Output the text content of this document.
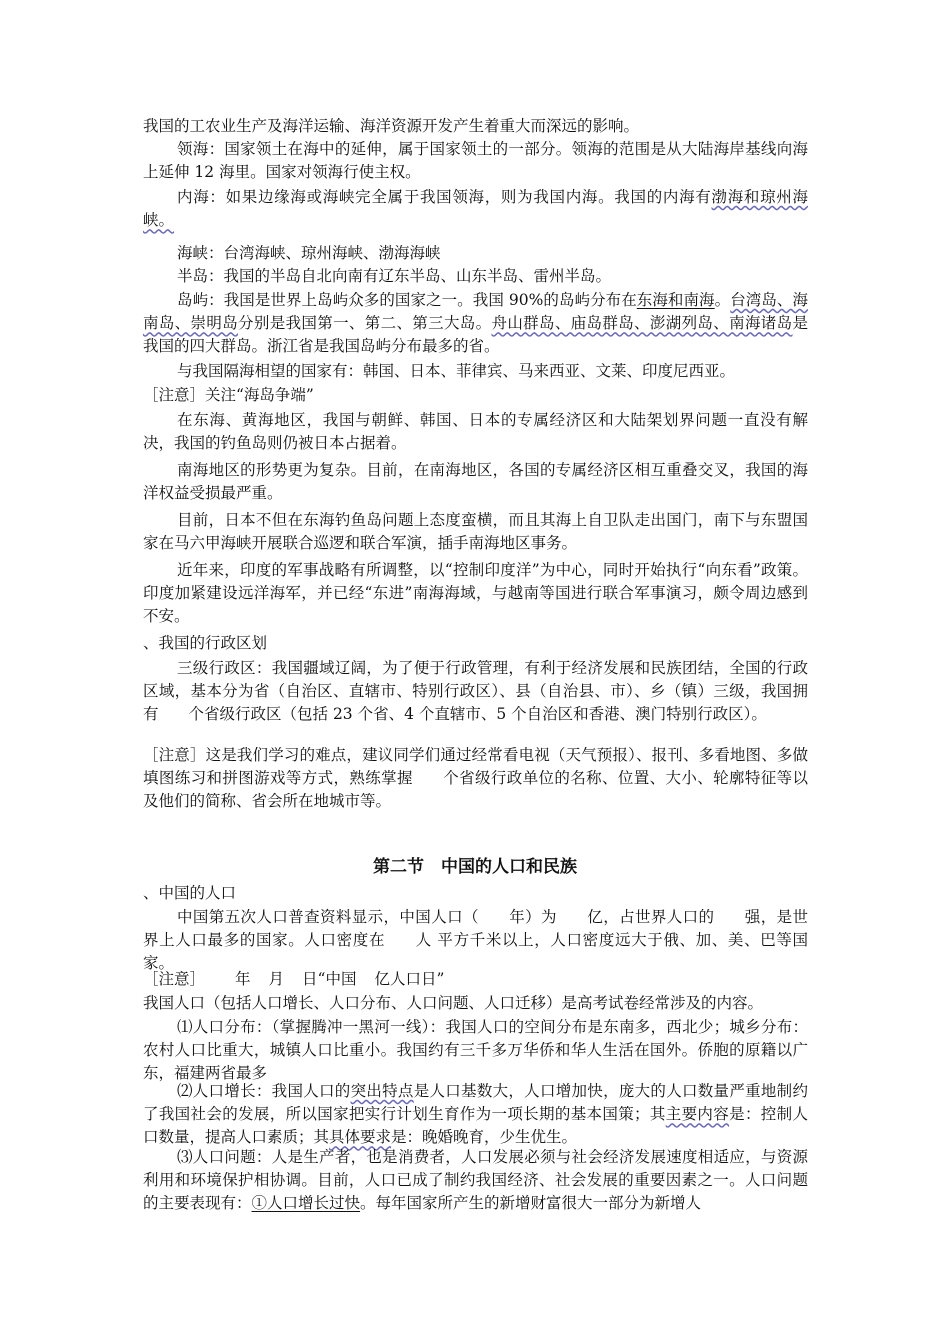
我国的工农业生产及海洋运输、海洋资源开发产生着重大而深远的影响。

领海：国家领土在海中的延伸，属于国家领土的一部分。领海的范围是从大陆海岸基线向海上延伸 12 海里。国家对领海行使主权。

内海：如果边缘海或海峡完全属于我国领海，则为我国内海。我国的内海有渤海和琼州海峡。

海峡：台湾海峡、琼州海峡、渤海海峡

半岛：我国的半岛自北向南有辽东半岛、山东半岛、雷州半岛。

岛屿：我国是世界上岛屿众多的国家之一。我国 90%的岛屿分布在东海和南海。台湾岛、海南岛、崇明岛分别是我国第一、第二、第三大岛。舟山群岛、庙岛群岛、澎湖列岛、南海诸岛是我国的四大群岛。浙江省是我国岛屿分布最多的省。

与我国隔海相望的国家有：韩国、日本、菲律宾、马来西亚、文莱、印度尼西亚。

［注意］关注“海岛争端”

在东海、黄海地区，我国与朝鲜、韩国、日本的专属经济区和大陆架划界问题一直没有解决，我国的钓鱼岛则仍被日本占据着。

南海地区的形势更为复杂。目前，在南海地区，各国的专属经济区相互重叠交叉，我国的海洋权益受损最严重。

目前，日本不但在东海钓鱼岛问题上态度蛮横，而且其海上自卫队走出国门，南下与东盟国家在马六甲海峡开展联合巡逻和联合军演，插手南海地区事务。

近年来，印度的军事战略有所调整，以“控制印度洋”为中心，同时开始执行“向东看”政策。印度加紧建设远洋海军，并已经“东进”南海海域，与越南等国进行联合军事演习，颇令周边感到不安。

、我国的行政区划

三级行政区：我国疆域辽阔，为了便于行政管理，有利于经济发展和民族团结，全国的行政区域，基本分为省（自治区、直辖市、特别行政区）、县（自治县、市）、乡（镇）三级，我国拥有 个省级行政区（包括 23 个省、4 个直辖市、5 个自治区和香港、澳门特别行政区）。

［注意］这是我们学习的难点，建议同学们通过经常看电视（天气预报）、报刊、多看地图、多做填图练习和拼图游戏等方式，熟练掌握 个省级行政单位的名称、位置、大小、轮廓特征等以及他们的简称、省会所在地城市等。

第二节　中国的人口和民族

、中国的人口

中国第五次人口普查资料显示，中国人口（ 年）为 亿，占世界人口的 强，是世界上人口最多的国家。人口密度在 人 平方千米以上，人口密度远大于俄、加、美、巴等国家。

［注意］ 年 月 日“中国 亿人口日”

我国人口（包括人口增长、人口分布、人口问题、人口迁移）是高考试卷经常涉及的内容。

⑴人口分布：（掌握腾冲一黑河一线）：我国人口的空间分布是东南多，西北少；城乡分布：农村人口比重大，城镇人口比重小。我国约有三千多万华侨和华人生活在国外。侨胞的原籍以广东，福建两省最多

⑵人口增长：我国人口的突出特点是人口基数大，人口增加快，庞大的人口数量严重地制约了我国社会的发展，所以国家把实行计划生育作为一项长期的基本国策；其主要内容是：控制人口数量，提高人口素质；其具体要求是：晚婚晚育，少生优生。

⑶人口问题：人是生产者，也是消费者，人口发展必须与社会经济发展速度相适应，与资源利用和环境保护相协调。目前，人口已成了制约我国经济、社会发展的重要因素之一。人口问题的主要表现有：①人口增长过快。每年国家所产生的新增财富很大一部分为新增人
